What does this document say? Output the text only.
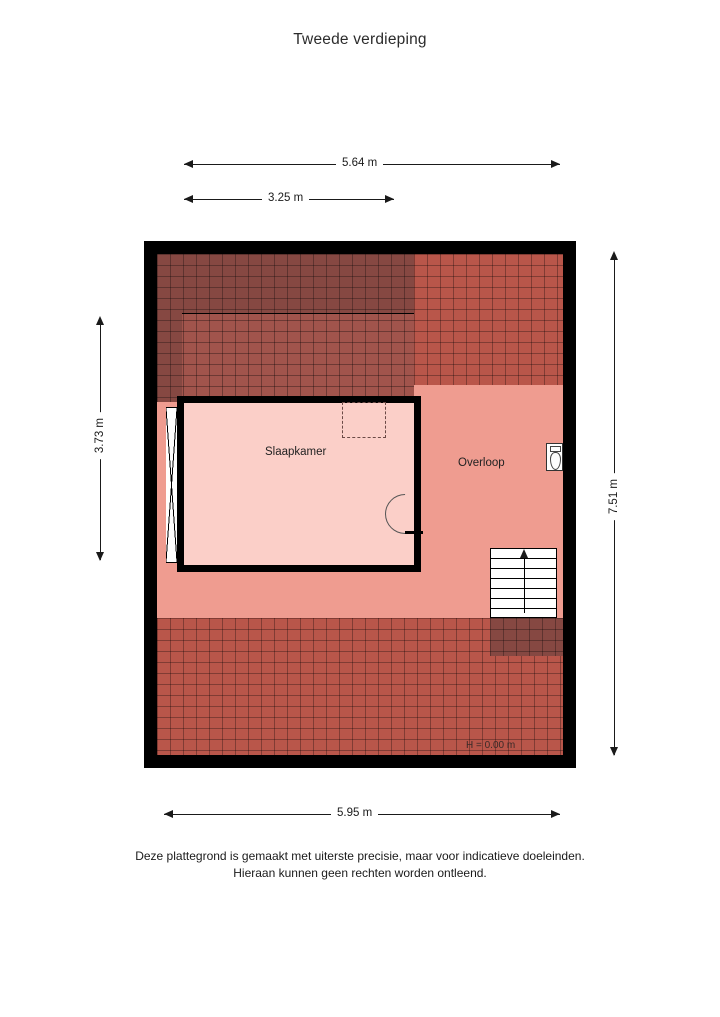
Tweede verdieping
5.64 m
3.25 m
3.73 m
7.51 m
5.95 m
Slaapkamer
Overloop
H = 0.00 m
Deze plattegrond is gemaakt met uiterste precisie, maar voor indicatieve doeleinden.
Hieraan kunnen geen rechten worden ontleend.
